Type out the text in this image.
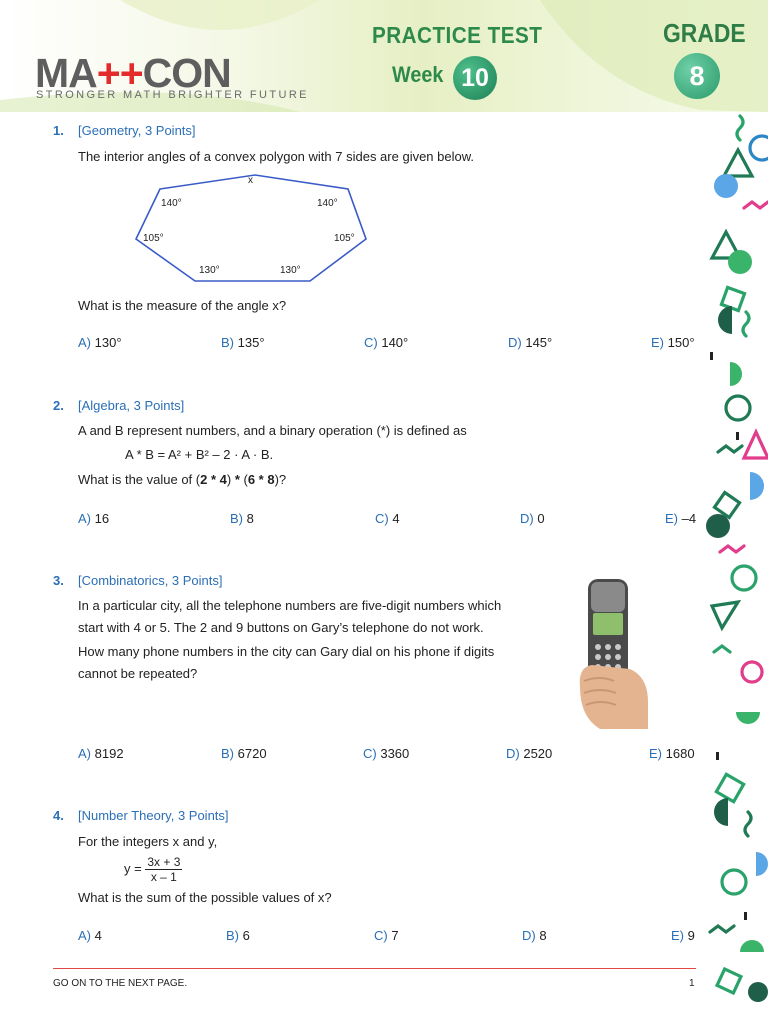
MA++CON
STRONGER MATH BRIGHTER FUTURE
PRACTICE TEST
Week 10
GRADE
8
1. [Geometry, 3 Points]
The interior angles of a convex polygon with 7 sides are given below.
x
140°	140°
105°	105°
130°	130°
What is the measure of the angle x?
A) 130°	B) 135°	C) 140°	D) 145°	E) 150°
2. [Algebra, 3 Points]
A and B represent numbers, and a binary operation (*) is defined as
A * B = A² + B² – 2 · A · B.
What is the value of (2 * 4) * (6 * 8)?
A) 16	B) 8	C) 4	D) 0	E) –4
3. [Combinatorics, 3 Points]
In a particular city, all the telephone numbers are five-digit numbers which
start with 4 or 5. The 2 and 9 buttons on Gary’s telephone do not work.
How many phone numbers in the city can Gary dial on his phone if digits
cannot be repeated?
A) 8192	B) 6720	C) 3360	D) 2520	E) 1680
4. [Number Theory, 3 Points]
For the integers x and y,
$y = \frac{3x + 3}{x - 1}$
What is the sum of the possible values of x?
A) 4	B) 6	C) 7	D) 8	E) 9
GO ON TO THE NEXT PAGE.	1
